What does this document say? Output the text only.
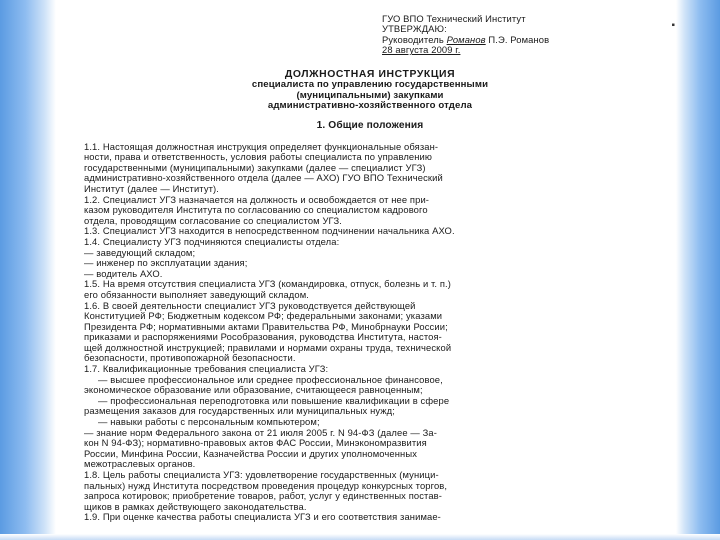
▪
ГУО ВПО Технический Институт
УТВЕРЖДАЮ:
Руководитель Романов П.Э. Романов
28 августа 2009 г.
ДОЛЖНОСТНАЯ ИНСТРУКЦИЯ
специалиста по управлению государственными
(муниципальными) закупками
административно-хозяйственного отдела
1. Общие положения
1.1. Настоящая должностная инструкция определяет функциональные обязан-
ности, права и ответственность, условия работы специалиста по управлению
государственными (муниципальными) закупками (далее — специалист УГЗ)
административно-хозяйственного отдела (далее — АХО) ГУО ВПО Технический
Институт (далее — Институт).
1.2. Специалист УГЗ назначается на должность и освобождается от нее при-
казом руководителя Института по согласованию со специалистом кадрового
отдела, проводящим согласование со специалистом УГЗ.
1.3. Специалист УГЗ находится в непосредственном подчинении начальника АХО.
1.4. Специалисту УГЗ подчиняются специалисты отдела:
— заведующий складом;
— инженер по эксплуатации здания;
— водитель АХО.
1.5. На время отсутствия специалиста УГЗ (командировка, отпуск, болезнь и т. п.)
его обязанности выполняет заведующий складом.
1.6. В своей деятельности специалист УГЗ руководствуется действующей
Конституцией РФ; Бюджетным кодексом РФ; федеральными законами; указами
Президента РФ; нормативными актами Правительства РФ, Минобрнауки России;
приказами и распоряжениями Рособразования, руководства Института, настоя-
щей должностной инструкцией; правилами и нормами охраны труда, технической
безопасности, противопожарной безопасности.
1.7. Квалификационные требования специалиста УГЗ:
— высшее профессиональное или среднее профессиональное финансовое,
экономическое образование или образование, считающееся равноценным;
— профессиональная переподготовка или повышение квалификации в сфере
размещения заказов для государственных или муниципальных нужд;
— навыки работы с персональным компьютером;
— знание норм Федерального закона от 21 июля 2005 г. N 94-ФЗ (далее — За-
кон N 94-ФЗ); нормативно-правовых актов ФАС России, Минэкономразвития
России, Минфина России, Казначейства России и других уполномоченных
межотраслевых органов.
1.8. Цель работы специалиста УГЗ: удовлетворение государственных (муници-
пальных) нужд Института посредством проведения процедур конкурсных торгов,
запроса котировок; приобретение товаров, работ, услуг у единственных постав-
щиков в рамках действующего законодательства.
1.9. При оценке качества работы специалиста УГЗ и его соответствия занимае-
